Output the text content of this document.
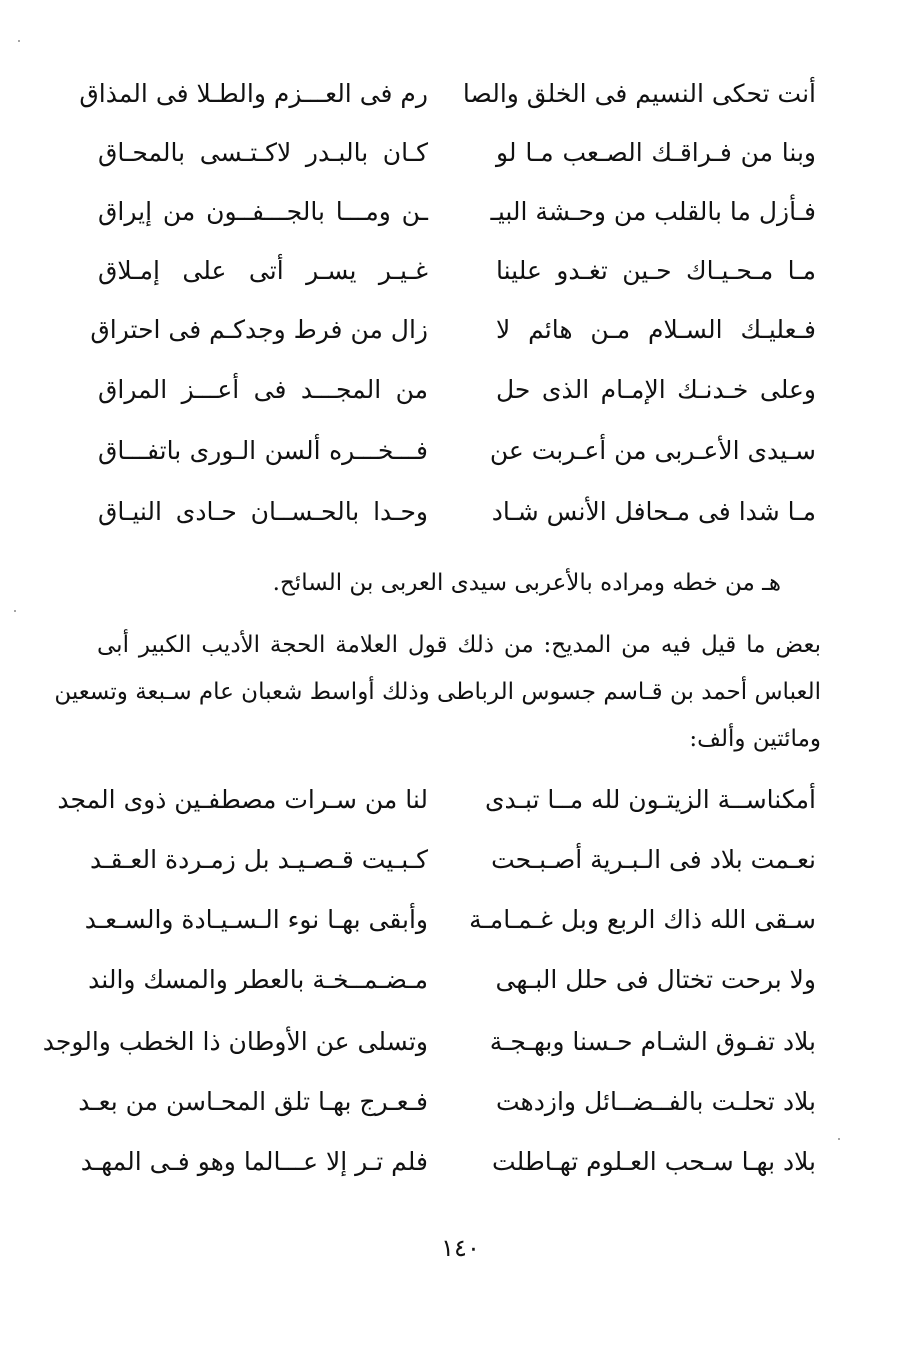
أنت تحكى النسيم فى الخلق والصا
رم فى العـــزم والطـلا فى المذاق
وبنا من فـراقـك الصـعب مـا لو
كـان بالبـدر لاكـتـسى بالمحـاق
فـأزل ما بالقلب من وحـشة البيـ
ـن ومـــا بالجـــفــون من إيراق
مـا مـحـيـاك حـين تغـدو علينا
غـيـر يسـر أتى على إمـلاق
فـعليـك السـلام مـن هائم لا
زال من فرط وجدكـم فى احتراق
وعلى خـدنـك الإمـام الذى حل
من المجـــد فى أعـــز المراق
سـيدى الأعـربى من أعـربت عن
فـــخـــره ألسن الـورى باتفـــاق
مـا شدا فى مـحافل الأنس شـاد
وحـدا بالحـســان حـادى النيـاق
هـ من خطه ومراده بالأعربى سيدى العربى بن السائح.
بعض ما قيل فيه من المديح: من ذلك قول العلامة الحجة الأديب الكبير أبى
العباس أحمد بن قـاسم جسوس الرباطى وذلك أواسط شعبان عام سـبعة وتسعين
ومائتين وألف:
أمكناســة الزيتـون لله مــا تبـدى
لنا من سـرات مصطفـين ذوى المجد
نعـمت بلاد فى الـبـرية أصـبـحت
كـبـيت قـصـيـد بل زمـردة العـقـد
سـقى الله ذاك الربع وبل غـمـامـة
وأبقى بهـا نوء الـسـيـادة والسـعـد
ولا برحت تختال فى حلل البـهى
مـضـمــخـة بالعطر والمسك والند
بلاد تفـوق الشـام حـسنا وبهـجـة
وتسلى عن الأوطان ذا الخطب والوجد
بلاد تحلـت بالفــضــائل وازدهت
فـعـرج بهـا تلق المحـاسن من بعـد
بلاد بهـا سـحب العـلوم تهـاطلت
فلم تـر إلا عـــالما وهو فـى المهـد
١٤٠
